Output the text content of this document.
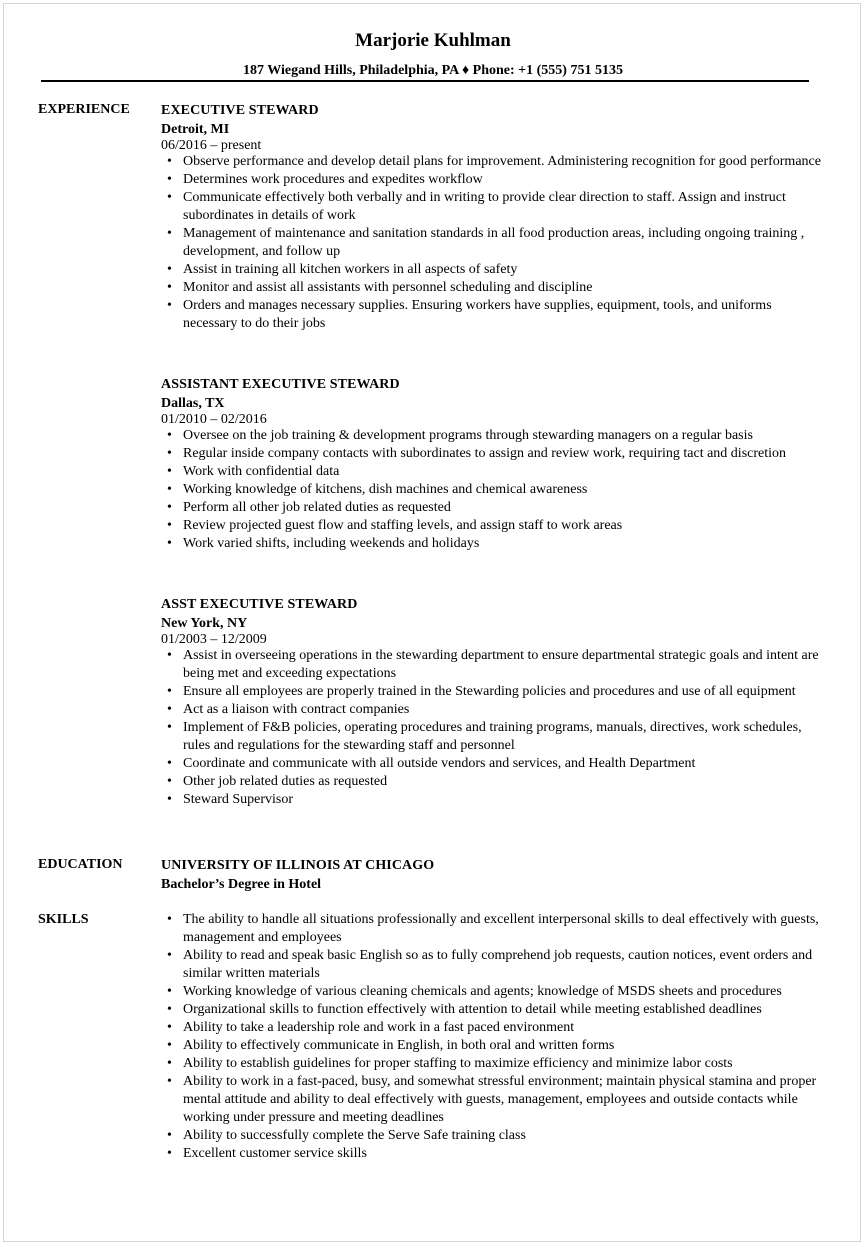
Marjorie Kuhlman
187 Wiegand Hills, Philadelphia, PA ♦ Phone: +1 (555) 751 5135
EXPERIENCE EXECUTIVE STEWARD
Detroit, MI
06/2016 – present
• Observe performance and develop detail plans for improvement. Administering recognition for good performance
• Determines work procedures and expedites workflow
• Communicate effectively both verbally and in writing to provide clear direction to staff. Assign and instruct subordinates in details of work
• Management of maintenance and sanitation standards in all food production areas, including ongoing training , development, and follow up
• Assist in training all kitchen workers in all aspects of safety
• Monitor and assist all assistants with personnel scheduling and discipline
• Orders and manages necessary supplies. Ensuring workers have supplies, equipment, tools, and uniforms necessary to do their jobs
ASSISTANT EXECUTIVE STEWARD
Dallas, TX
01/2010 – 02/2016
• Oversee on the job training & development programs through stewarding managers on a regular basis
• Regular inside company contacts with subordinates to assign and review work, requiring tact and discretion
• Work with confidential data
• Working knowledge of kitchens, dish machines and chemical awareness
• Perform all other job related duties as requested
• Review projected guest flow and staffing levels, and assign staff to work areas
• Work varied shifts, including weekends and holidays
ASST EXECUTIVE STEWARD
New York, NY
01/2003 – 12/2009
• Assist in overseeing operations in the stewarding department to ensure departmental strategic goals and intent are being met and exceeding expectations
• Ensure all employees are properly trained in the Stewarding policies and procedures and use of all equipment
• Act as a liaison with contract companies
• Implement of F&B policies, operating procedures and training programs, manuals, directives, work schedules, rules and regulations for the stewarding staff and personnel
• Coordinate and communicate with all outside vendors and services, and Health Department
• Other job related duties as requested
• Steward Supervisor
EDUCATION	UNIVERSITY OF ILLINOIS AT CHICAGO
Bachelor’s Degree in Hotel
SKILLS
•	The ability to handle all situations professionally and excellent interpersonal skills to deal effectively with guests, management and employees
• Ability to read and speak basic English so as to fully comprehend job requests, caution notices, event orders and similar written materials
• Working knowledge of various cleaning chemicals and agents; knowledge of MSDS sheets and procedures
• Organizational skills to function effectively with attention to detail while meeting established deadlines
• Ability to take a leadership role and work in a fast paced environment
• Ability to effectively communicate in English, in both oral and written forms
• Ability to establish guidelines for proper staffing to maximize efficiency and minimize labor costs
• Ability to work in a fast-paced, busy, and somewhat stressful environment; maintain physical stamina and proper mental attitude and ability to deal effectively with guests, management, employees and outside contacts while working under pressure and meeting deadlines
• Ability to successfully complete the Serve Safe training class
• Excellent customer service skills
